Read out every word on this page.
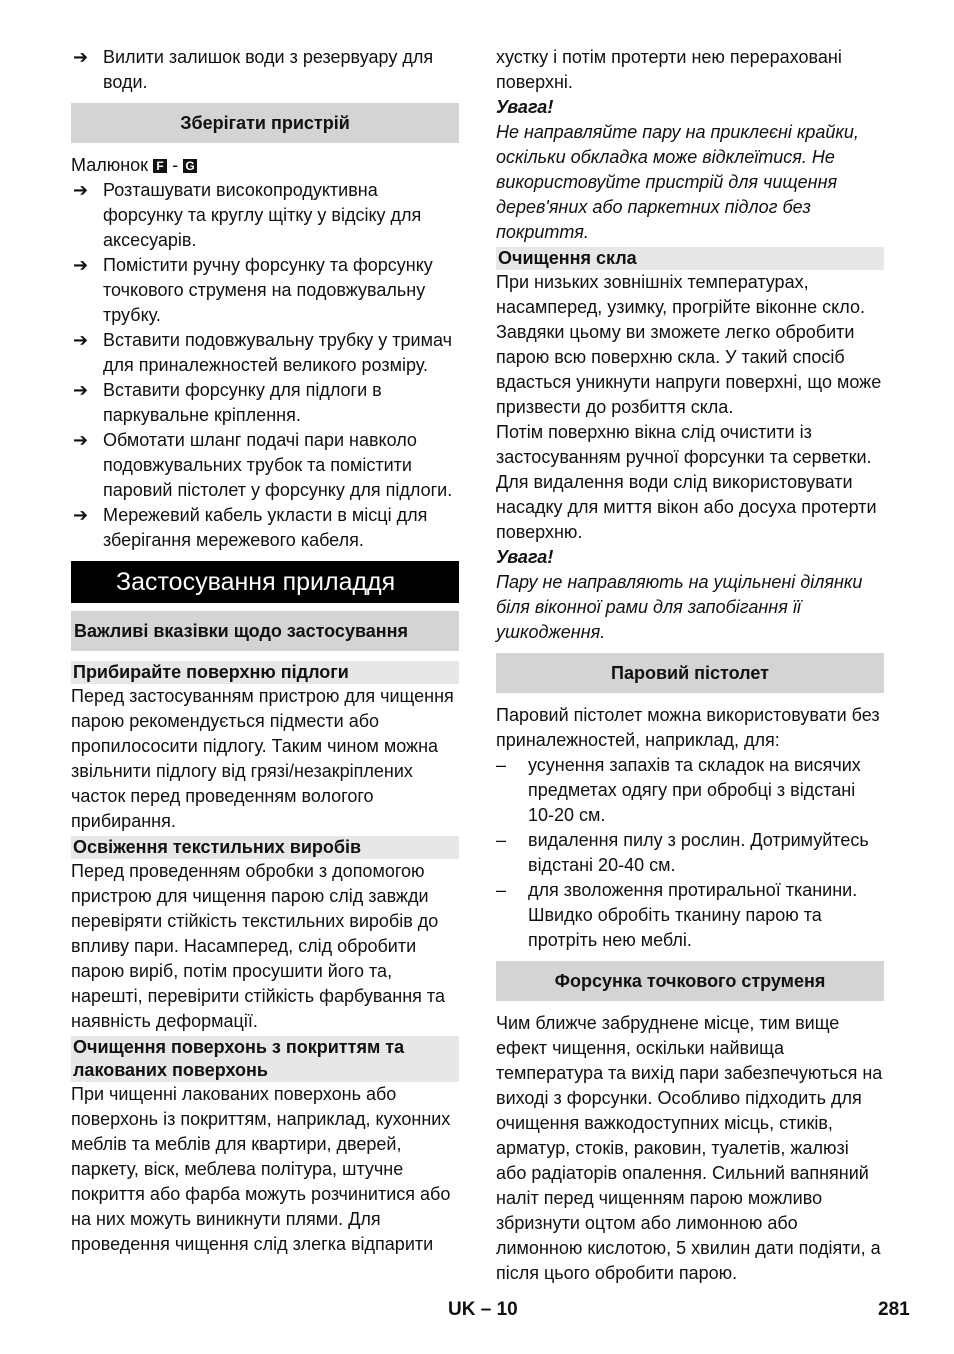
➔ Вилити залишок води з резервуару для води.
Зберігати пристрій

Малюнок F - G

➔ Розташувати високопродуктивна форсунку та круглу щітку у відсіку для аксесуарів.
➔ Помістити ручну форсунку та форсунку точкового струменя на подовжувальну трубку.
➔ Вставити подовжувальну трубку у тримач для приналежностей великого розміру.
➔ Вставити форсунку для підлоги в паркувальне кріплення.
➔ Обмотати шланг подачі пари навколо подовжувальних трубок та помістити паровий пістолет у форсунку для підлоги.
➔ Мережевий кабель укласти в місці для зберігання мережевого кабеля.
Застосування приладдя
Важливі вказівки щодо застосування
Прибирайте поверхню підлоги

Перед застосуванням пристрою для чищення парою рекомендується підмести або пропилососити підлогу. Таким чином можна звільнити підлогу від грязі/незакріплених часток перед проведенням вологого прибирання.

Освіження текстильних виробів

Перед проведенням обробки з допомогою пристрою для чищення парою слід завжди перевіряти стійкість текстильних виробів до впливу пари. Насамперед, слід обробити парою виріб, потім просушити його та, нарешті, перевірити стійкість фарбування та наявність деформації.

Очищення поверхонь з покриттям та лакованих поверхонь

При чищенні лакованих поверхонь або поверхонь із покриттям, наприклад, кухонних меблів та меблів для квартири, дверей, паркету, віск, меблева політура, штучне покриття або фарба можуть розчинитися або на них можуть виникнути плями. Для проведення чищення слід злегка відпарити

хустку і потім протерти нею перераховані поверхні.

Увага!

Не направляйте пару на приклеєні крайки, оскільки обкладка може відклеїтися. Не використовуйте пристрій для чищення дерев'яних або паркетних підлог без покриття.

Очищення скла

При низьких зовнішніх температурах, насамперед, узимку, прогрійте віконне скло. Завдяки цьому ви зможете легко обробити парою всю поверхню скла. У такий спосіб вдасться уникнути напруги поверхні, що може призвести до розбиття скла.

Потім поверхню вікна слід очистити із застосуванням ручної форсунки та серветки. Для видалення води слід використовувати насадку для миття вікон або досуха протерти поверхню.

Увага!

Пару не направляють на ущільнені ділянки біля віконної рами для запобігання її ушкодження.

Паровий пістолет

Паровий пістолет можна використовувати без приналежностей, наприклад, для:

– усунення запахів та складок на висячих предметах одягу при обробці з відстані 10-20 см.
– видалення пилу з рослин. Дотримуйтесь відстані 20-40 см.
– для зволоження протиральної тканини. Швидко обробіть тканину парою та протріть нею меблі.
Форсунка точкового струменя

Чим ближче забруднене місце, тим вище ефект чищення, оскільки найвища температура та вихід пари забезпечуються на виході з форсунки. Особливо підходить для очищення важкодоступних місць, стиків, арматур, стоків, раковин, туалетів, жалюзі або радіаторів опалення. Сильний вапняний наліт перед чищенням парою можливо збризнути оцтом або лимонною або лимонною кислотою, 5 хвилин дати подіяти, а після цього обробити парою.

UK – 10	281
